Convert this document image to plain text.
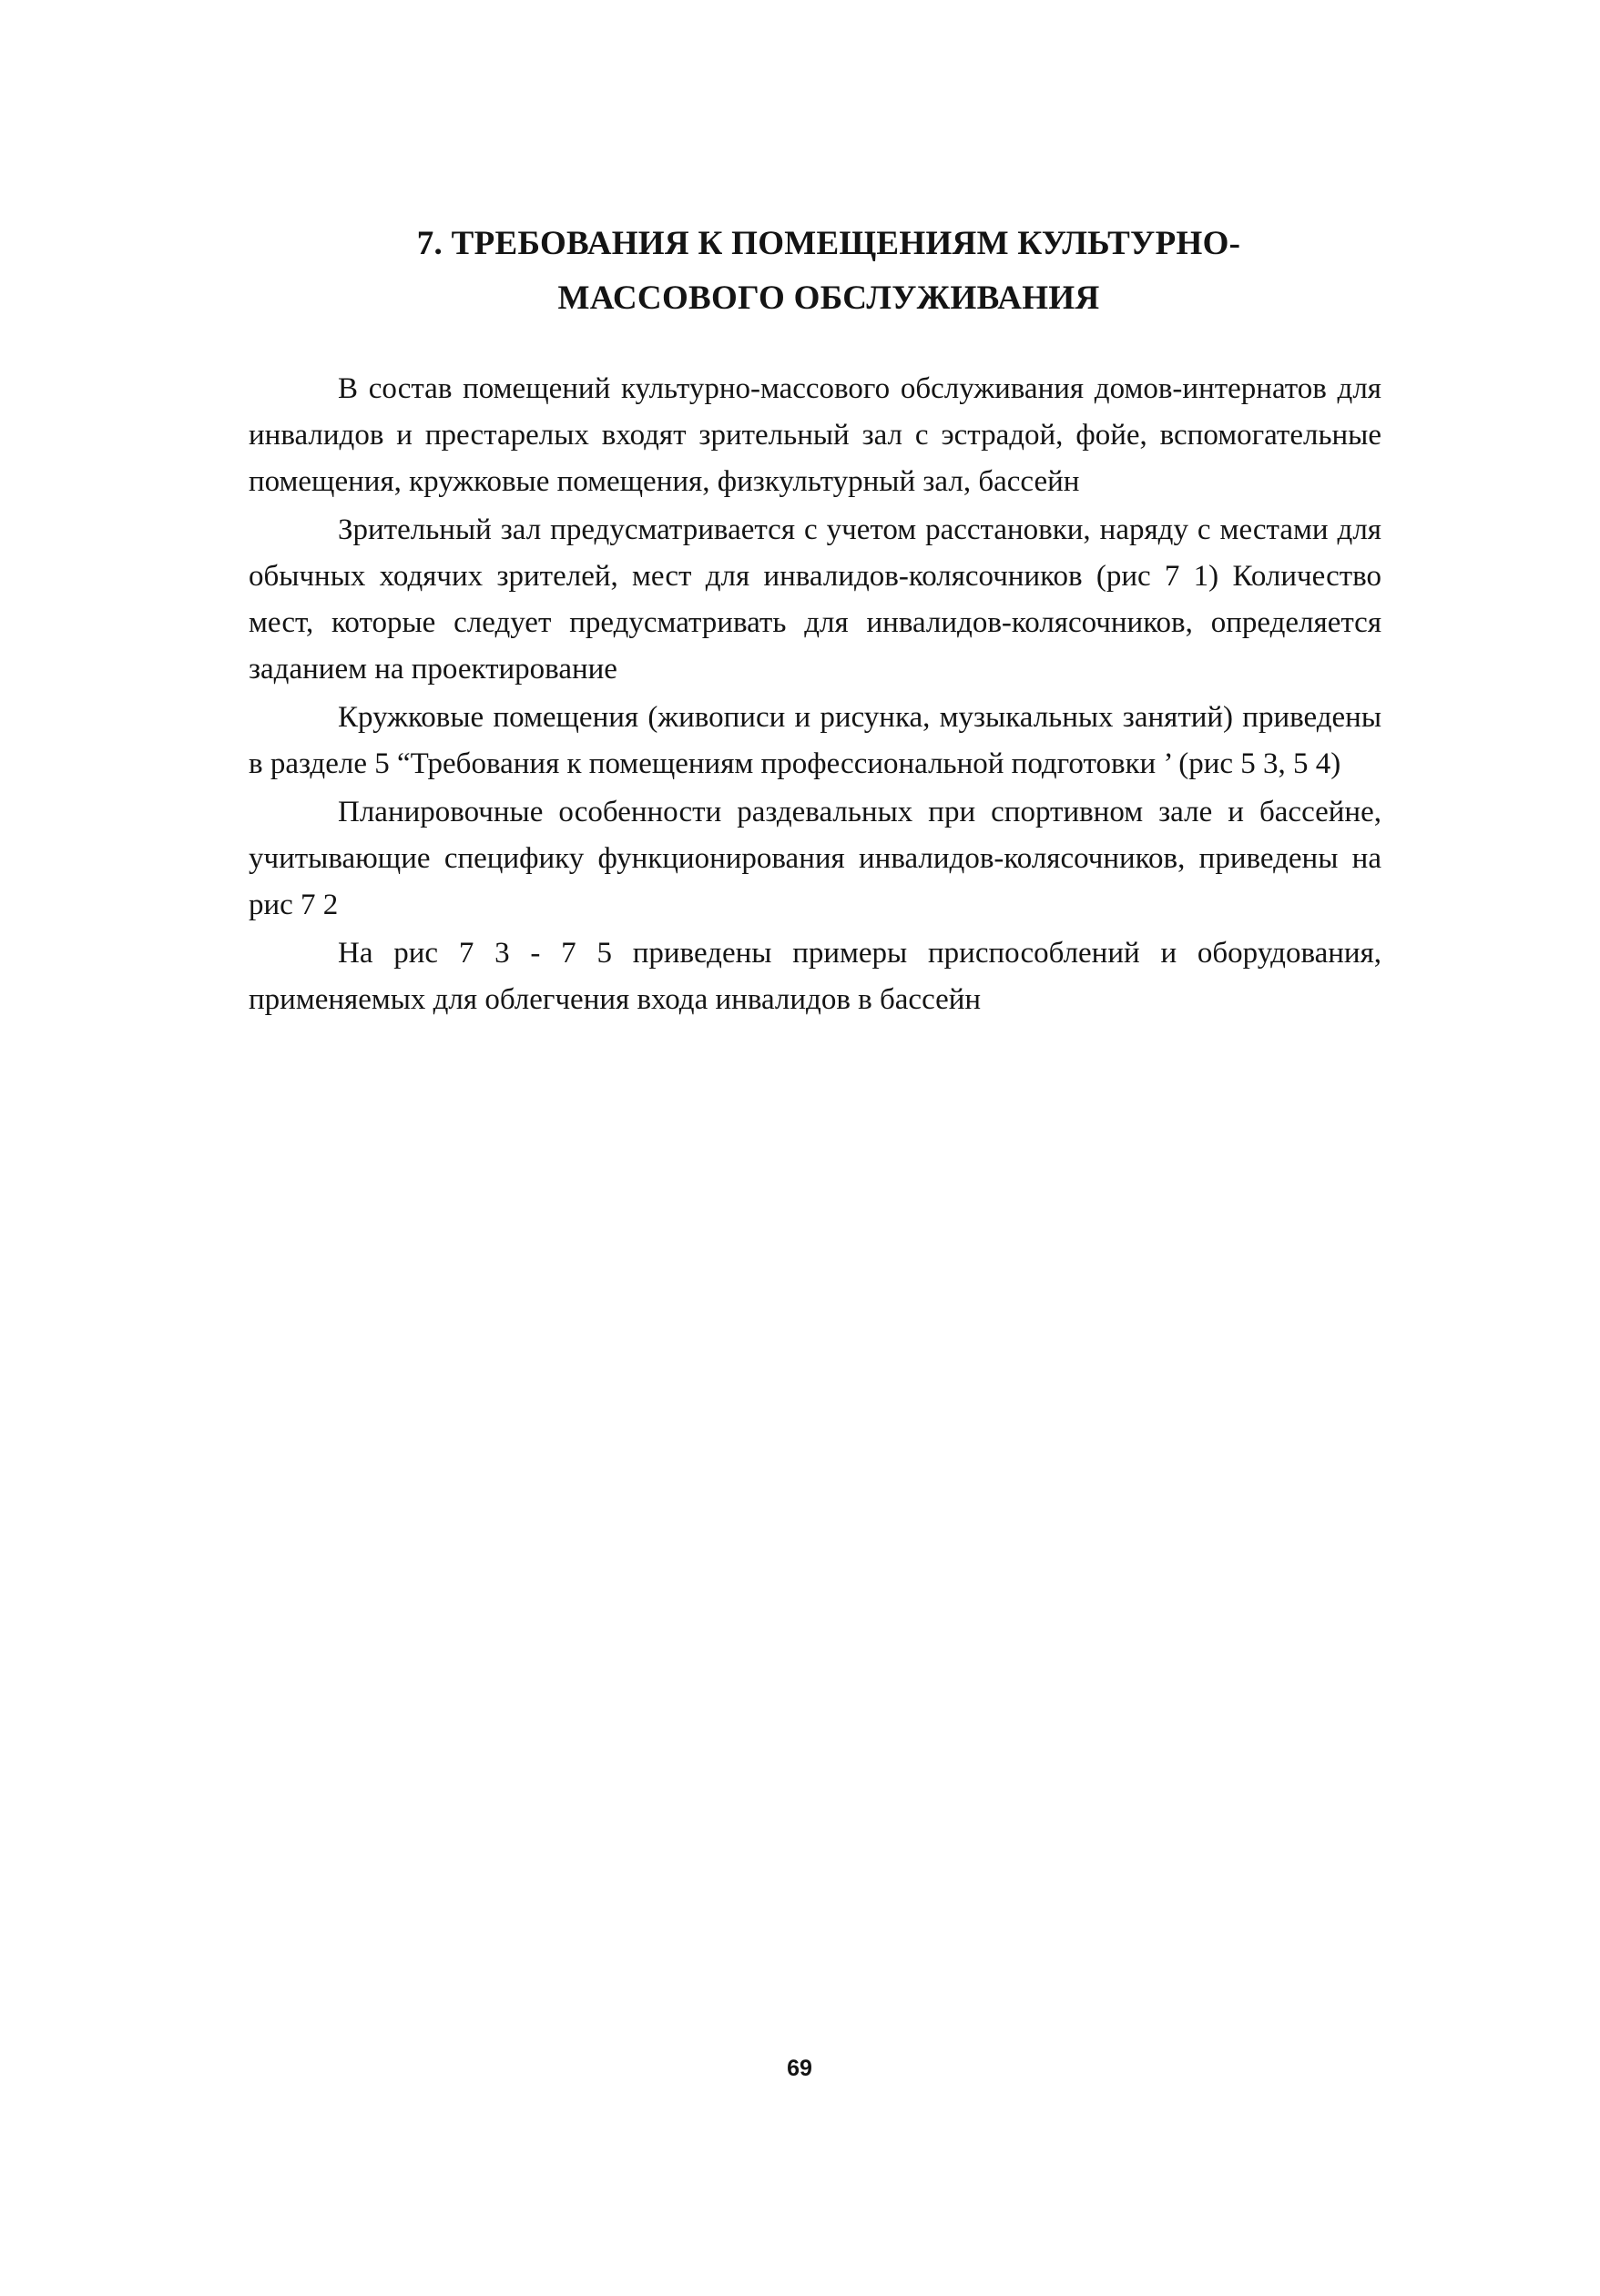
7. ТРЕБОВАНИЯ К ПОМЕЩЕНИЯМ КУЛЬТУРНО-
МАССОВОГО ОБСЛУЖИВАНИЯ

В состав помещений культурно-массового обслуживания домов-интернатов для инвалидов и престарелых входят зрительный зал с эстрадой, фойе, вспомогательные помещения, кружковые помещения, физкультурный зал, бассейн

Зрительный зал предусматривается с учетом расстановки, наряду с местами для обычных ходячих зрителей, мест для инвалидов-колясочников (рис 7 1) Количество мест, которые следует предусматривать для инвалидов-колясочников, определяется заданием на проектирование

Кружковые помещения (живописи и рисунка, музыкальных занятий) приведены в разделе 5 “Требования к помещениям профессиональной подготовки ’ (рис 5 3, 5 4)

Планировочные особенности раздевальных при спортивном зале и бассейне, учитывающие специфику функционирования инвалидов-колясочников, приведены на рис 7 2

На рис 7 3 - 7 5 приведены примеры приспособлений и оборудования, применяемых для облегчения входа инвалидов в бассейн

69
